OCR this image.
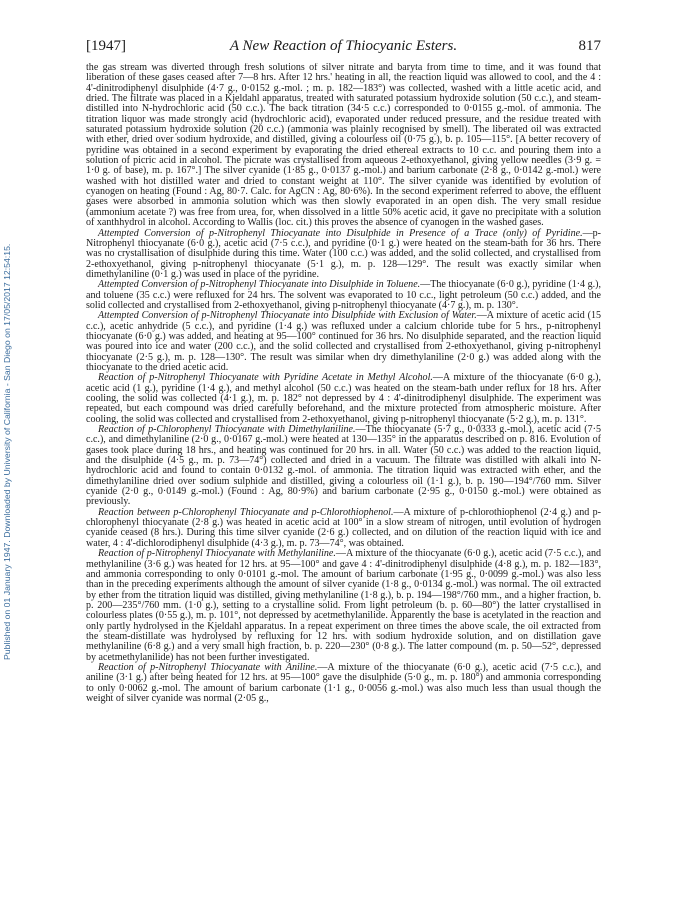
Published on 01 January 1947. Downloaded by University of California - San Diego on 17/05/2017 12:54:15.
[1947]	A New Reaction of Thiocyanic Esters.	817

the gas stream was diverted through fresh solutions of silver nitrate and baryta from time to time, and it was found that liberation of these gases ceased after 7—8 hrs. After 12 hrs.' heating in all, the reaction liquid was allowed to cool, and the 4 : 4'-dinitrodiphenyl disulphide (4·7 g., 0·0152 g.-mol. ; m. p. 182—183°) was collected, washed with a little acetic acid, and dried. The filtrate was placed in a Kjeldahl apparatus, treated with saturated potassium hydroxide solution (50 c.c.), and steam-distilled into N-hydrochloric acid (50 c.c.). The back titration (34·5 c.c.) corresponded to 0·0155 g.-mol. of ammonia. The titration liquor was made strongly acid (hydrochloric acid), evaporated under reduced pressure, and the residue treated with saturated potassium hydroxide solution (20 c.c.) (ammonia was plainly recognised by smell). The liberated oil was extracted with ether, dried over sodium hydroxide, and distilled, giving a colourless oil (0·75 g.), b. p. 105—115°. [A better recovery of pyridine was obtained in a second experiment by evaporating the dried ethereal extracts to 10 c.c. and pouring them into a solution of picric acid in alcohol. The picrate was crystallised from aqueous 2-ethoxyethanol, giving yellow needles (3·9 g. = 1·0 g. of base), m. p. 167°.] The silver cyanide (1·85 g., 0·0137 g.-mol.) and barium carbonate (2·8 g., 0·0142 g.-mol.) were washed with hot distilled water and dried to constant weight at 110°. The silver cyanide was identified by evolution of cyanogen on heating (Found : Ag, 80·7. Calc. for AgCN : Ag, 80·6%). In the second experiment referred to above, the effluent gases were absorbed in ammonia solution which was then slowly evaporated in an open dish. The very small residue (ammonium acetate ?) was free from urea, for, when dissolved in a little 50% acetic acid, it gave no precipitate with a solution of xanthhydrol in alcohol. According to Wallis (loc. cit.) this proves the absence of cyanogen in the washed gases.

Attempted Conversion of p-Nitrophenyl Thiocyanate into Disulphide in Presence of a Trace (only) of Pyridine.—p-Nitrophenyl thiocyanate (6·0 g.), acetic acid (7·5 c.c.), and pyridine (0·1 g.) were heated on the steam-bath for 36 hrs. There was no crystallisation of disulphide during this time. Water (100 c.c.) was added, and the solid collected, and crystallised from 2-ethoxyethanol, giving p-nitrophenyl thiocyanate (5·1 g.), m. p. 128—129°. The result was exactly similar when dimethylaniline (0·1 g.) was used in place of the pyridine.

Attempted Conversion of p-Nitrophenyl Thiocyanate into Disulphide in Toluene.—The thiocyanate (6·0 g.), pyridine (1·4 g.), and toluene (35 c.c.) were refluxed for 24 hrs. The solvent was evaporated to 10 c.c., light petroleum (50 c.c.) added, and the solid collected and crystallised from 2-ethoxyethanol, giving p-nitrophenyl thiocyanate (4·7 g.), m. p. 130°.

Attempted Conversion of p-Nitrophenyl Thiocyanate into Disulphide with Exclusion of Water.—A mixture of acetic acid (15 c.c.), acetic anhydride (5 c.c.), and pyridine (1·4 g.) was refluxed under a calcium chloride tube for 5 hrs., p-nitrophenyl thiocyanate (6·0 g.) was added, and heating at 95—100° continued for 36 hrs. No disulphide separated, and the reaction liquid was poured into ice and water (200 c.c.), and the solid collected and crystallised from 2-ethoxyethanol, giving p-nitrophenyl thiocyanate (2·5 g.), m. p. 128—130°. The result was similar when dry dimethylaniline (2·0 g.) was added along with the thiocyanate to the dried acetic acid.

Reaction of p-Nitrophenyl Thiocyanate with Pyridine Acetate in Methyl Alcohol.—A mixture of the thiocyanate (6·0 g.), acetic acid (1 g.), pyridine (1·4 g.), and methyl alcohol (50 c.c.) was heated on the steam-bath under reflux for 18 hrs. After cooling, the solid was collected (4·1 g.), m. p. 182° not depressed by 4 : 4'-dinitrodiphenyl disulphide. The experiment was repeated, but each compound was dried carefully beforehand, and the mixture protected from atmospheric moisture. After cooling, the solid was collected and crystallised from 2-ethoxyethanol, giving p-nitrophenyl thiocyanate (5·2 g.), m. p. 131°.

Reaction of p-Chlorophenyl Thiocyanate with Dimethylaniline.—The thiocyanate (5·7 g., 0·0333 g.-mol.), acetic acid (7·5 c.c.), and dimethylaniline (2·0 g., 0·0167 g.-mol.) were heated at 130—135° in the apparatus described on p. 816. Evolution of gases took place during 18 hrs., and heating was continued for 20 hrs. in all. Water (50 c.c.) was added to the reaction liquid, and the disulphide (4·5 g., m. p. 73—74°) collected and dried in a vacuum. The filtrate was distilled with alkali into N-hydrochloric acid and found to contain 0·0132 g.-mol. of ammonia. The titration liquid was extracted with ether, and the dimethylaniline dried over sodium sulphide and distilled, giving a colourless oil (1·1 g.), b. p. 190—194°/760 mm. Silver cyanide (2·0 g., 0·0149 g.-mol.) (Found : Ag, 80·9%) and barium carbonate (2·95 g., 0·0150 g.-mol.) were obtained as previously.

Reaction between p-Chlorophenyl Thiocyanate and p-Chlorothiophenol.—A mixture of p-chlorothiophenol (2·4 g.) and p-chlorophenyl thiocyanate (2·8 g.) was heated in acetic acid at 100° in a slow stream of nitrogen, until evolution of hydrogen cyanide ceased (8 hrs.). During this time silver cyanide (2·6 g.) collected, and on dilution of the reaction liquid with ice and water, 4 : 4'-dichlorodiphenyl disulphide (4·3 g.), m. p. 73—74°, was obtained.

Reaction of p-Nitrophenyl Thiocyanate with Methylaniline.—A mixture of the thiocyanate (6·0 g.), acetic acid (7·5 c.c.), and methylaniline (3·6 g.) was heated for 12 hrs. at 95—100° and gave 4 : 4'-dinitrodiphenyl disulphide (4·8 g.), m. p. 182—183°, and ammonia corresponding to only 0·0101 g.-mol. The amount of barium carbonate (1·95 g., 0·0099 g.-mol.) was also less than in the preceding experiments although the amount of silver cyanide (1·8 g., 0·0134 g.-mol.) was normal. The oil extracted by ether from the titration liquid was distilled, giving methylaniline (1·8 g.), b. p. 194—198°/760 mm., and a higher fraction, b. p. 200—235°/760 mm. (1·0 g.), setting to a crystalline solid. From light petroleum (b. p. 60—80°) the latter crystallised in colourless plates (0·55 g.), m. p. 101°, not depressed by acetmethylanilide. Apparently the base is acetylated in the reaction and only partly hydrolysed in the Kjeldahl apparatus. In a repeat experiment on three times the above scale, the oil extracted from the steam-distillate was hydrolysed by refluxing for 12 hrs. with sodium hydroxide solution, and on distillation gave methylaniline (6·8 g.) and a very small high fraction, b. p. 220—230° (0·8 g.). The latter compound (m. p. 50—52°, depressed by acetmethylanilide) has not been further investigated.

Reaction of p-Nitrophenyl Thiocyanate with Aniline.—A mixture of the thiocyanate (6·0 g.), acetic acid (7·5 c.c.), and aniline (3·1 g.) after being heated for 12 hrs. at 95—100° gave the disulphide (5·0 g., m. p. 180°) and ammonia corresponding to only 0·0062 g.-mol. The amount of barium carbonate (1·1 g., 0·0056 g.-mol.) was also much less than usual though the weight of silver cyanide was normal (2·05 g.,
